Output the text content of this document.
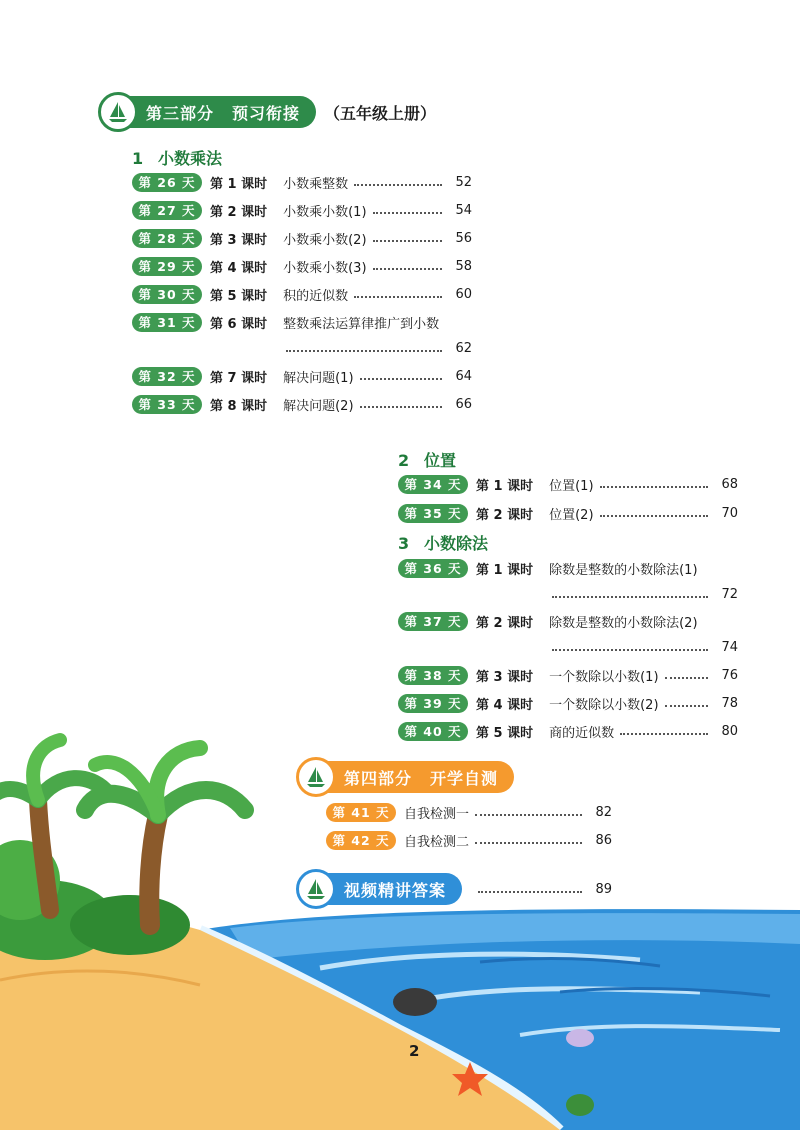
第三部分 预习衔接 （五年级上册）
1 小数乘法
第 26 天	第 1 课时 小数乘整数	52
第 27 天	第 2 课时 小数乘小数(1)	54
第 28 天	第 3 课时 小数乘小数(2)	56
第 29 天	第 4 课时 小数乘小数(3)	58
第 30 天	第 5 课时 积的近似数	60
第 31 天	第 6 课时 整数乘法运算律推广到小数
62
第 32 天	第 7 课时 解决问题(1)	64
第 33 天	第 8 课时 解决问题(2)	66
2 位置
第 34 天	第 1 课时 位置(1)	68
第 35 天	第 2 课时 位置(2)	70
3 小数除法
第 36 天	第 1 课时 除数是整数的小数除法(1)
72
第 37 天	第 2 课时 除数是整数的小数除法(2)
74
第 38 天	第 3 课时 一个数除以小数(1)	76
第 39 天	第 4 课时 一个数除以小数(2)	78
第 40 天	第 5 课时 商的近似数	80
第四部分 开学自测
第 41 天	自我检测一	82
第 42 天	自我检测二	86
视频精讲答案	89
2
